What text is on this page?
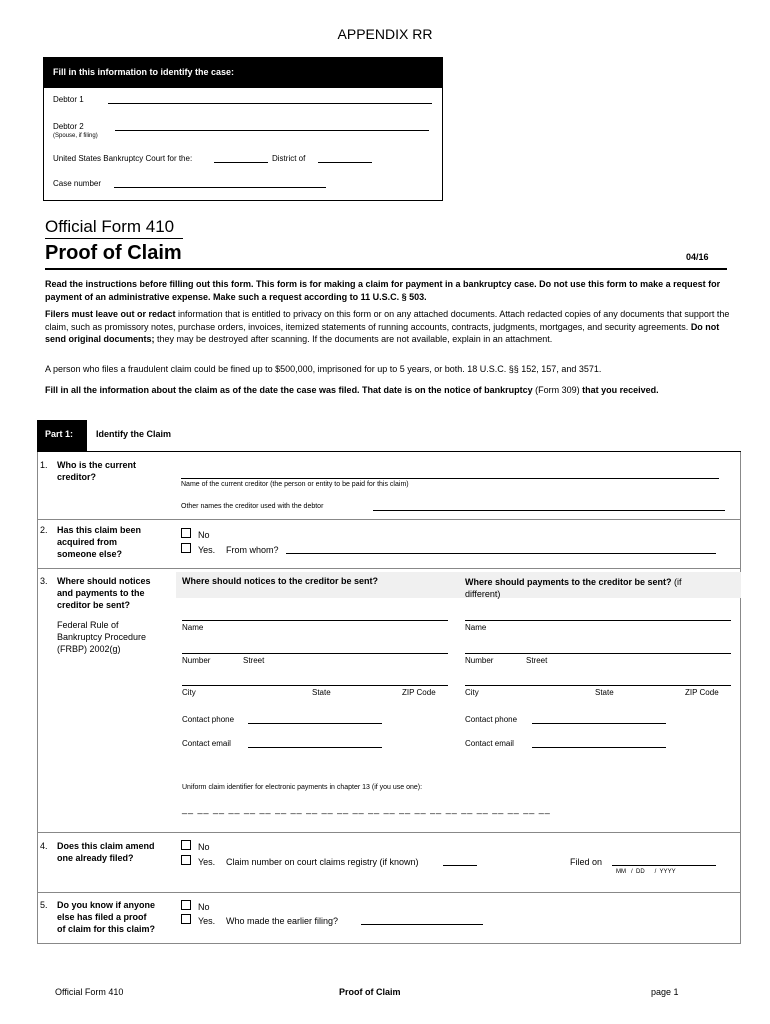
APPENDIX RR
Fill in this information to identify the case:
Debtor 1
Debtor 2
(Spouse, if filing)
United States Bankruptcy Court for the:	District of
Case number
Official Form 410
Proof of Claim	04/16
Read the instructions before filling out this form. This form is for making a claim for payment in a bankruptcy case. Do not use this form to make a request for payment of an administrative expense. Make such a request according to 11 U.S.C. § 503.
Filers must leave out or redact information that is entitled to privacy on this form or on any attached documents. Attach redacted copies of any documents that support the claim, such as promissory notes, purchase orders, invoices, itemized statements of running accounts, contracts, judgments, mortgages, and security agreements. Do not send original documents; they may be destroyed after scanning. If the documents are not available, explain in an attachment.
A person who files a fraudulent claim could be fined up to $500,000, imprisoned for up to 5 years, or both. 18 U.S.C. §§ 152, 157, and 3571.
Fill in all the information about the claim as of the date the case was filed. That date is on the notice of bankruptcy (Form 309) that you received.
Part 1:	Identify the Claim
1. Who is the current
creditor?
Name of the current creditor (the person or entity to be paid for this claim)
Other names the creditor used with the debtor
2. Has this claim been
acquired from
someone else?
No
Yes. From whom?
3. Where should notices
and payments to the
creditor be sent?
Federal Rule of
Bankruptcy Procedure
(FRBP) 2002(g)
Where should notices to the creditor be sent?	Where should payments to the creditor be sent? (if
different)
Name
Number	Street
City	State	ZIP Code
Contact phone
Contact email
Name
Number	Street
City	State	ZIP Code
Contact phone
Contact email
Uniform claim identifier for electronic payments in chapter 13 (if you use one):
__ __ __ __ __ __ __ __ __ __ __ __ __ __ __ __ __ __ __ __ __ __ __ __
4. Does this claim amend
one already filed?
No
Yes. Claim number on court claims registry (if known)	Filed on
MM   /  DD      /  YYYY
5. Do you know if anyone
else has filed a proof
of claim for this claim?
No
Yes. Who made the earlier filing?
Official Form 410	Proof of Claim	page 1
